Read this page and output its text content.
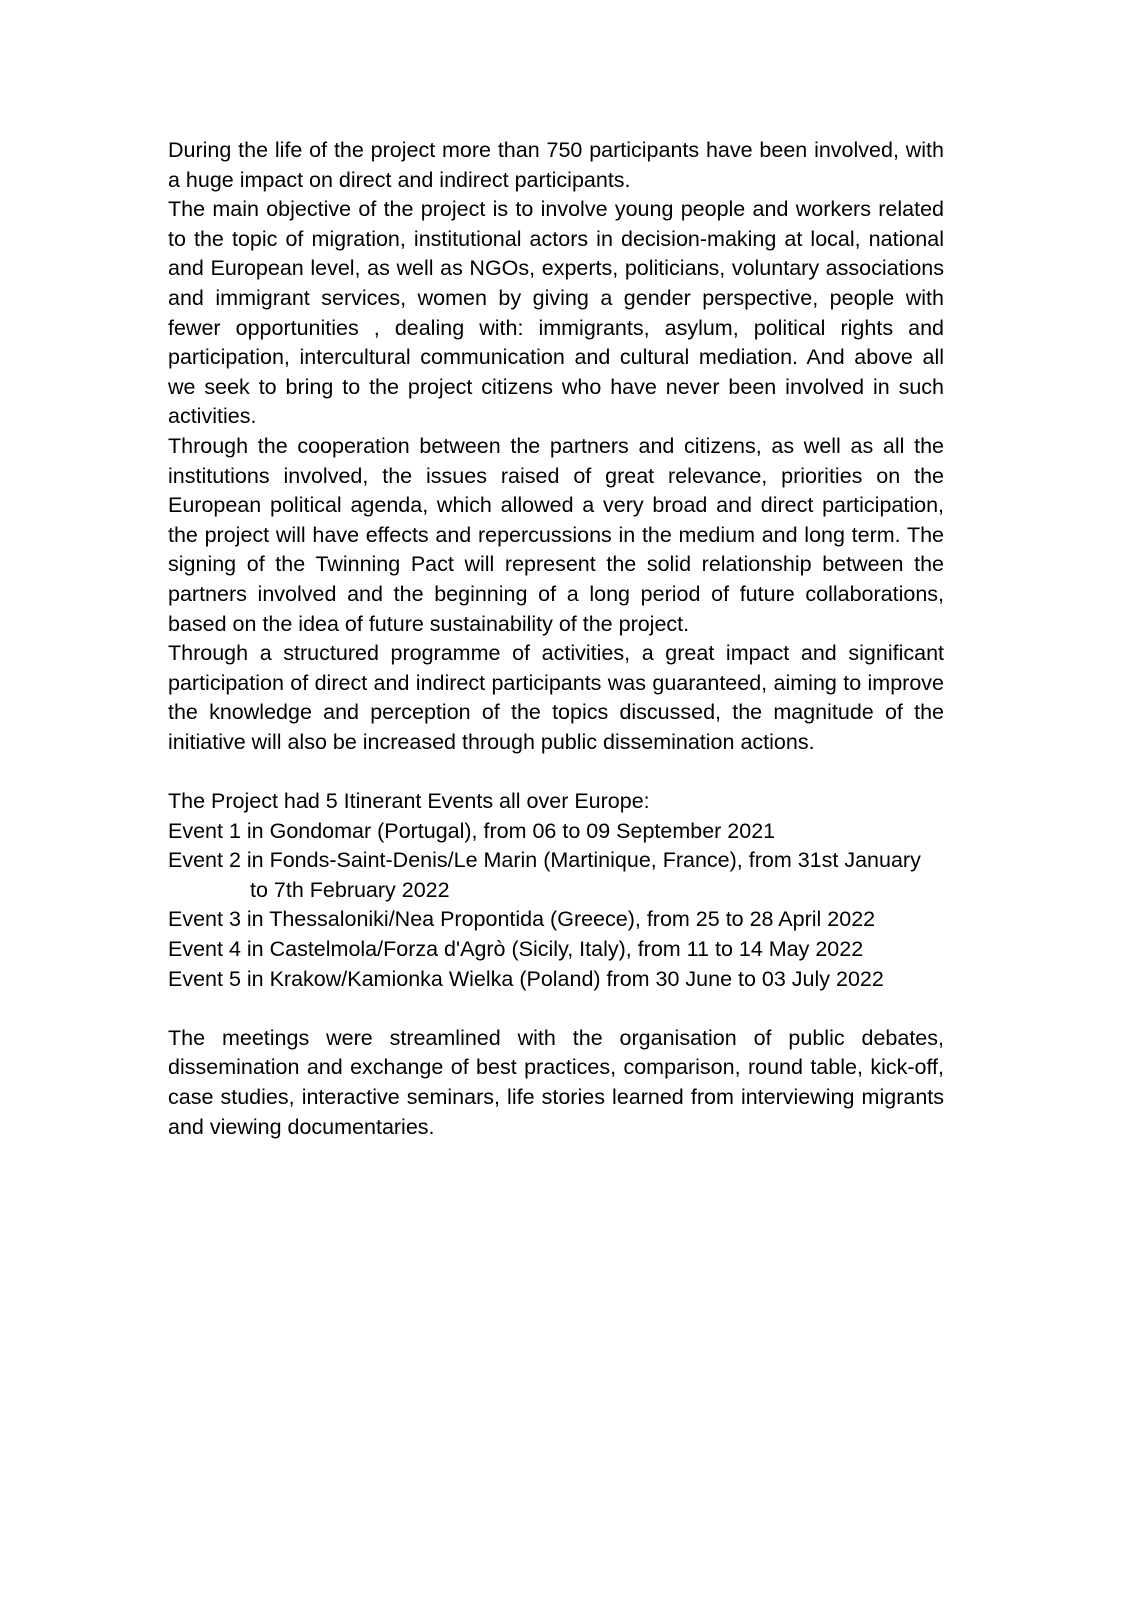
During the life of the project more than 750 participants have been involved, with a huge impact on direct and indirect participants.

The main objective of the project is to involve young people and workers related to the topic of migration, institutional actors in decision-making at local, national and European level, as well as NGOs, experts, politicians, voluntary associations and immigrant services, women by giving a gender perspective, people with fewer opportunities , dealing with: immigrants, asylum, political rights and participation, intercultural communication and cultural mediation. And above all we seek to bring to the project citizens who have never been involved in such activities.

Through the cooperation between the partners and citizens, as well as all the institutions involved, the issues raised of great relevance, priorities on the European political agenda, which allowed a very broad and direct participation, the project will have effects and repercussions in the medium and long term. The signing of the Twinning Pact will represent the solid relationship between the partners involved and the beginning of a long period of future collaborations, based on the idea of future sustainability of the project.

Through a structured programme of activities, a great impact and significant participation of direct and indirect participants was guaranteed, aiming to improve the knowledge and perception of the topics discussed, the magnitude of the initiative will also be increased through public dissemination actions.

The Project had 5 Itinerant Events all over Europe:

Event 1 in Gondomar (Portugal), from 06 to 09 September 2021

Event 2 in Fonds-Saint-Denis/Le Marin (Martinique, France), from 31st January

to 7th February 2022

Event 3 in Thessaloniki/Nea Propontida (Greece), from 25 to 28 April 2022

Event 4 in Castelmola/Forza d'Agrò (Sicily, Italy), from 11 to 14 May 2022

Event 5 in Krakow/Kamionka Wielka (Poland) from 30 June to 03 July 2022

The meetings were streamlined with the organisation of public debates, dissemination and exchange of best practices, comparison, round table, kick-off, case studies, interactive seminars, life stories learned from interviewing migrants and viewing documentaries.
